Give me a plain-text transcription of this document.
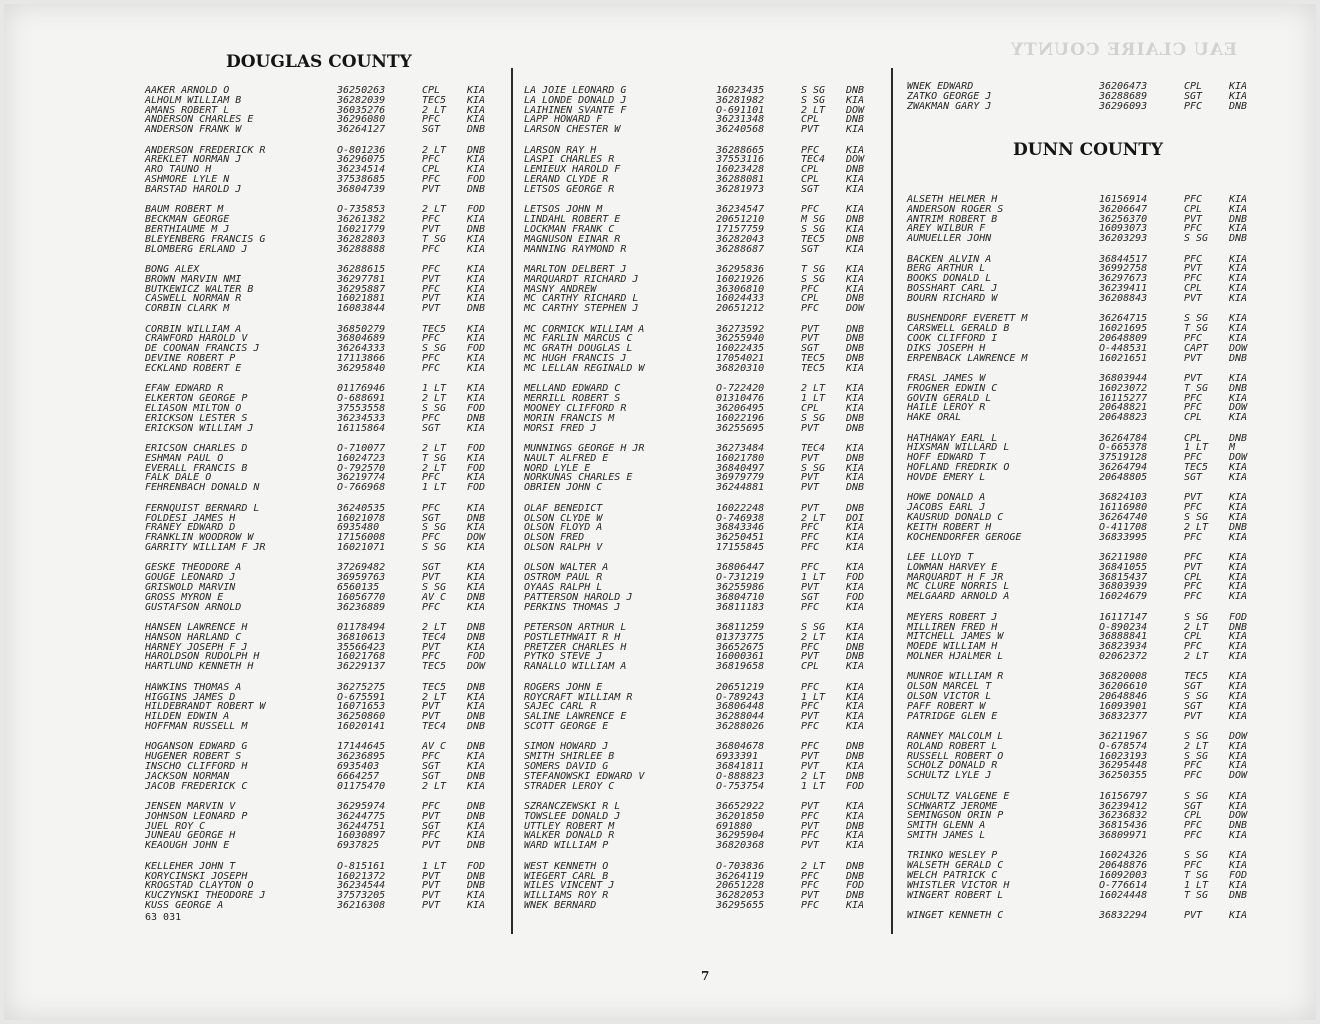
EAU CLAIRE COUNTY
DOUGLAS COUNTY
DUNN COUNTY
AAKER ARNOLD O	36250263	CPL	KIA
ALHOLM WILLIAM B	36282039	TEC5 KIA
AMANS ROBERT L	36035276	2 LT KIA
ANDERSON CHARLES E	36296080	PFC	KIA
ANDERSON FRANK W	36264127	SGT	DNB
ANDERSON FREDERICK R	O-801236	2 LT DNB
AREKLET NORMAN J	36296075	PFC	KIA
ARO TAUNO H	36234514	CPL	KIA
ASHMORE LYLE N	37538685	PFC	FOD
BARSTAD HAROLD J	36804739	PVT	DNB
BAUM ROBERT M	O-735853	2 LT FOD
BECKMAN GEORGE	36261382	PFC	KIA
BERTHIAUME M J	16021779	PVT	DNB
BLEYENBERG FRANCIS G	36282803	T SG KIA
BLOMBERG ERLAND J	36288888	PFC	KIA
BONG ALEX	36288615	PFC	KIA
BROWN MARVIN NMI	36297781	PVT	KIA
BUTKEWICZ WALTER B	36295887	PFC	KIA
CASWELL NORMAN R	16021881	PVT	KIA
CORBIN CLARK M	16083844	PVT	DNB
CORBIN WILLIAM A	36850279	TEC5 KIA
CRAWFORD HAROLD V	36804689	PFC	KIA
DE COONAN FRANCIS J	36264333	S SG FOD
DEVINE ROBERT P	17113866	PFC	KIA
ECKLAND ROBERT E	36295840	PFC	KIA
EFAW EDWARD R	01176946	1 LT KIA
ELKERTON GEORGE P	O-688691	2 LT KIA
ELIASON MILTON O	37553558	S SG FOD
ERICKSON LESTER S	36234533	PFC	DNB
ERICKSON WILLIAM J	16115864	SGT	KIA
ERICSON CHARLES D	O-710077	2 LT FOD
ESHMAN PAUL O	16024723	T SG KIA
EVERALL FRANCIS B	O-792570	2 LT FOD
FALK DALE O	36219774	PFC	KIA
FEHRENBACH DONALD N	O-766968	1 LT FOD
FERNQUIST BERNARD L	36240535	PFC	KIA
FOLDESI JAMES H	16021078	SGT	DNB
FRANEY EDWARD D	6935480	S SG KIA
FRANKLIN WOODROW W	17156008	PFC	DOW
GARRITY WILLIAM F JR	16021071	S SG KIA
GESKE THEODORE A	37269482	SGT	KIA
GOUGE LEONARD J	36959763	PVT	KIA
GRISWOLD MARVIN	6560135	S SG KIA
GROSS MYRON E	16056770	AV C DNB
GUSTAFSON ARNOLD	36236889	PFC	KIA
HANSEN LAWRENCE H	01178494	2 LT DNB
HANSON HARLAND C	36810613	TEC4 DNB
HARNEY JOSEPH F J	35566423	PVT	KIA
HAROLDSON RUDOLPH H	16021768	PFC	FOD
HARTLUND KENNETH H	36229137	TEC5 DOW
HAWKINS THOMAS A	36275275	TEC5 DNB
HIGGINS JAMES D	O-675591	2 LT KIA
HILDEBRANDT ROBERT W	16071653	PVT	KIA
HILDEN EDWIN A	36250860	PVT	DNB
HOFFMAN RUSSELL M	16020141	TEC4 DNB
HOGANSON EDWARD G	17144645	AV C DNB
HUGENER ROBERT S	36236895	PFC	KIA
INSCHO CLIFFORD H	6935403	SGT	KIA
JACKSON NORMAN	6664257	SGT	DNB
JACOB FREDERICK C	01175470	2 LT KIA
JENSEN MARVIN V	36295974	PFC	DNB
JOHNSON LEONARD P	36244775	PVT	DNB
JUEL ROY C	36244751	SGT	KIA
JUNEAU GEORGE H	16030897	PFC	KIA
KEAOUGH JOHN E	6937825	PVT	DNB
KELLEHER JOHN T	O-815161	1 LT FOD
KORYCINSKI JOSEPH	16021372	PVT	DNB
KROGSTAD CLAYTON O	36234544	PVT	DNB
KUCZYNSKI THEODORE J	37573205	PVT	KIA
KUSS GEORGE A	36216308	PVT	KIA
LA JOIE LEONARD G	16023435	S SG DNB
LA LONDE DONALD J	36281982	S SG KIA
LAIHINEN SVANTE F	O-691101	2 LT DOW
LAPP HOWARD F	36231348	CPL	DNB
LARSON CHESTER W	36240568	PVT	KIA
LARSON RAY H	36288665	PFC	KIA
LASPI CHARLES R	37553116	TEC4 DOW
LEMIEUX HAROLD F	16023428	CPL	DNB
LERAND CLYDE R	36288081	CPL	KIA
LETSOS GEORGE R	36281973	SGT	KIA
LETSOS JOHN M	36234547	PFC	KIA
LINDAHL ROBERT E	20651210	M SG DNB
LOCKMAN FRANK C	17157759	S SG KIA
MAGNUSON EINAR R	36282043	TEC5 DNB
MANNING RAYMOND R	36288687	SGT	KIA
MARLTON DELBERT J	36295836	T SG KIA
MARQUARDT RICHARD J	16021926	S SG KIA
MASNY ANDREW	36306810	PFC	KIA
MC CARTHY RICHARD L	16024433	CPL	DNB
MC CARTHY STEPHEN J	20651212	PFC	DOW
MC CORMICK WILLIAM A	36273592	PVT	DNB
MC FARLIN MARCUS C	36255940	PVT	DNB
MC GRATH DOUGLAS L	16022435	SGT	DNB
MC HUGH FRANCIS J	17054021	TEC5 DNB
MC LELLAN REGINALD W	36820310	TEC5 KIA
MELLAND EDWARD C	O-722420	2 LT KIA
MERRILL ROBERT S	01310476	1 LT KIA
MOONEY CLIFFORD R	36206495	CPL	KIA
MORIN FRANCIS M	16022196	S SG DNB
MORSI FRED J	36255695	PVT	DNB
MUNNINGS GEORGE H JR	36273484	TEC4 KIA
NAULT ALFRED E	16021780	PVT	DNB
NORD LYLE E	36840497	S SG KIA
NORKUNAS CHARLES E	36979779	PVT	KIA
OBRIEN JOHN C	36244881	PVT	DNB
OLAF BENEDICT	16022248	PVT	DNB
OLSON CLYDE W	O-746938	2 LT DOI
OLSON FLOYD A	36843346	PFC	KIA
OLSON FRED	36250451	PFC	KIA
OLSON RALPH V	17155845	PFC	KIA
OLSON WALTER A	36806447	PFC	KIA
OSTROM PAUL R	O-731219	1 LT FOD
OYAAS RALPH L	36255986	PVT	KIA
PATTERSON HAROLD J	36804710	SGT	FOD
PERKINS THOMAS J	36811183	PFC	KIA
PETERSON ARTHUR L	36811259	S SG KIA
POSTLETHWAIT R H	01373775	2 LT KIA
PRETZER CHARLES H	36652675	PFC	DNB
PYTKO STEVE J	16000361	PVT	DNB
RANALLO WILLIAM A	36819658	CPL	KIA
ROGERS JOHN E	20651219	PFC	KIA
ROYCRAFT WILLIAM R	O-789243	1 LT KIA
SAJEC CARL R	36806448	PFC	KIA
SALINE LAWRENCE E	36288044	PVT	KIA
SCOTT GEORGE E	36288026	PFC	KIA
SIMON HOWARD J	36804678	PFC	DNB
SMITH SHIRLEE B	6933391	PVT	DNB
SOMERS DAVID G	36841811	PVT	KIA
STEFANOWSKI EDWARD V	O-888823	2 LT DNB
STRADER LEROY C	O-753754	1 LT FOD
SZRANCZEWSKI R L	36652922	PVT	KIA
TOWSLEE DONALD J	36201850	PFC	KIA
UTTLEY ROBERT M	691880	PVT	DNB
WALKER DONALD R	36295904	PFC	KIA
WARD WILLIAM P	36820368	PVT	KIA
WEST KENNETH O	O-703836	2 LT DNB
WIEGERT CARL B	36264119	PFC	DNB
WILES VINCENT J	20651228	PFC	FOD
WILLIAMS ROY R	36282053	PVT	DNB
WNEK BERNARD	36295655	PFC	KIA
WNEK EDWARD	36206473	CPL	KIA
ZATKO GEORGE J	36288689	SGT	KIA
ZWAKMAN GARY J	36296093	PFC	DNB
ALSETH HELMER H	16156914	PFC	KIA
ANDERSON ROGER S	36206647	CPL	KIA
ANTRIM ROBERT B	36256370	PVT	DNB
AREY WILBUR F	16093073	PFC	KIA
AUMUELLER JOHN	36203293	S SG DNB
BACKEN ALVIN A	36844517	PFC	KIA
BERG ARTHUR L	36992758	PVT	KIA
BOOKS DONALD L	36297673	PFC	KIA
BOSSHART CARL J	36239411	CPL	KIA
BOURN RICHARD W	36208843	PVT	KIA
BUSHENDORF EVERETT M	36264715	S SG KIA
CARSWELL GERALD B	16021695	T SG KIA
COOK CLIFFORD I	20648809	PFC	KIA
DIKS JOSEPH H	O-448531	CAPT DOW
ERPENBACK LAWRENCE M	16021651	PVT	DNB
FRASL JAMES W	36803944	PVT	KIA
FROGNER EDWIN C	16023072	T SG DNB
GOVIN GERALD L	16115277	PFC	KIA
HAILE LEROY R	20648821	PFC	DOW
HAKE ORAL	20648823	CPL	KIA
HATHAWAY EARL L	36264784	CPL	DNB
HIXSMAN WILLARD L	O-665378	1 LT M
HOFF EDWARD T	37519128	PFC	DOW
HOFLAND FREDRIK O	36264794	TEC5 KIA
HOVDE EMERY L	20648805	SGT	KIA
HOWE DONALD A	36824103	PVT	KIA
JACOBS EARL J	16116980	PFC	KIA
KAUSRUD DONALD C	36264740	S SG KIA
KEITH ROBERT H	O-411708	2 LT DNB
KOCHENDORFER GEROGE	36833995	PFC	KIA
LEE LLOYD T	36211980	PFC	KIA
LOWMAN HARVEY E	36841055	PVT	KIA
MARQUARDT H F JR	36815437	CPL	KIA
MC CLURE NORRIS L	36803939	PFC	KIA
MELGAARD ARNOLD A	16024679	PFC	KIA
MEYERS ROBERT J	16117147	S SG FOD
MILLIREN FRED H	O-890234	2 LT DNB
MITCHELL JAMES W	36888841	CPL	KIA
MOEDE WILLIAM H	36823934	PFC	KIA
MOLNER HJALMER L	02062372	2 LT KIA
MUNROE WILLIAM R	36820008	TEC5 KIA
OLSON MARCEL T	36206610	SGT	KIA
OLSON VICTOR L	20648846	S SG KIA
PAFF ROBERT W	16093901	SGT	KIA
PATRIDGE GLEN E	36832377	PVT	KIA
RANNEY MALCOLM L	36211967	S SG DOW
ROLAND ROBERT L	O-678574	2 LT KIA
RUSSELL ROBERT O	16023193	S SG KIA
SCHOLZ DONALD R	36295448	PFC	KIA
SCHULTZ LYLE J	36250355	PFC	DOW
SCHULTZ VALGENE E	16156797	S SG KIA
SCHWARTZ JEROME	36239412	SGT	KIA
SEMINGSON ORIN P	36236832	CPL	DOW
SMITH GLENN A	36815436	PFC	DNB
SMITH JAMES L	36809971	PFC	KIA
TRINKO WESLEY P	16024326	S SG KIA
WALSETH GERALD C	20648876	PFC	KIA
WELCH PATRICK C	16092003	T SG FOD
WHISTLER VICTOR H	O-776614	1 LT KIA
WINGERT ROBERT L	16024448	T SG DNB
WINGET KENNETH C	36832294	PVT	KIA
63 031
7
